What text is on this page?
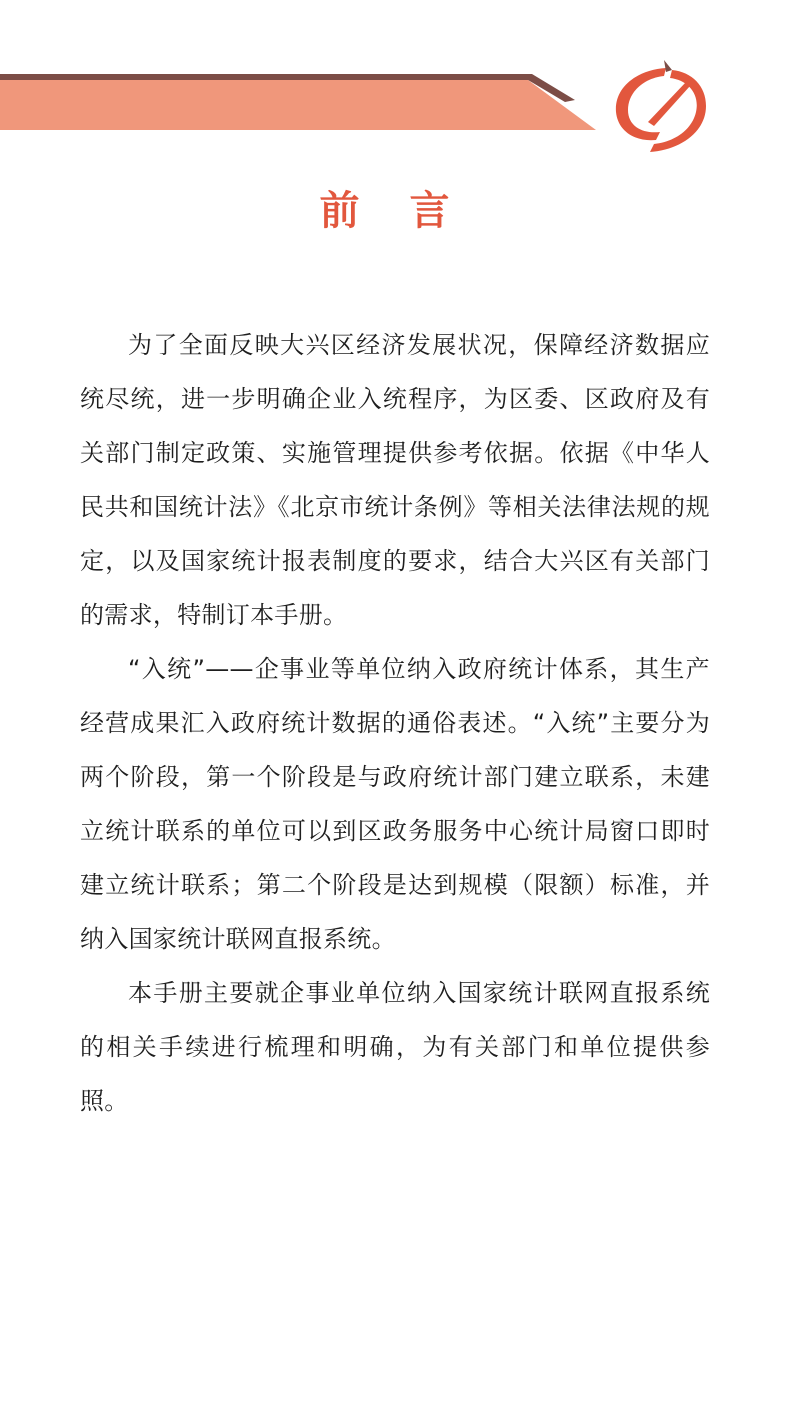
前 言

为了全面反映大兴区经济发展状况，保障经济数据应统尽统，进一步明确企业入统程序，为区委、区政府及有关部门制定政策、实施管理提供参考依据。依据《中华人民共和国统计法》《北京市统计条例》等相关法律法规的规定，以及国家统计报表制度的要求，结合大兴区有关部门的需求，特制订本手册。

“入统”——企事业等单位纳入政府统计体系，其生产经营成果汇入政府统计数据的通俗表述。“入统”主要分为两个阶段，第一个阶段是与政府统计部门建立联系，未建立统计联系的单位可以到区政务服务中心统计局窗口即时建立统计联系；第二个阶段是达到规模（限额）标准，并纳入国家统计联网直报系统。

本手册主要就企事业单位纳入国家统计联网直报系统的相关手续进行梳理和明确，为有关部门和单位提供参照。
